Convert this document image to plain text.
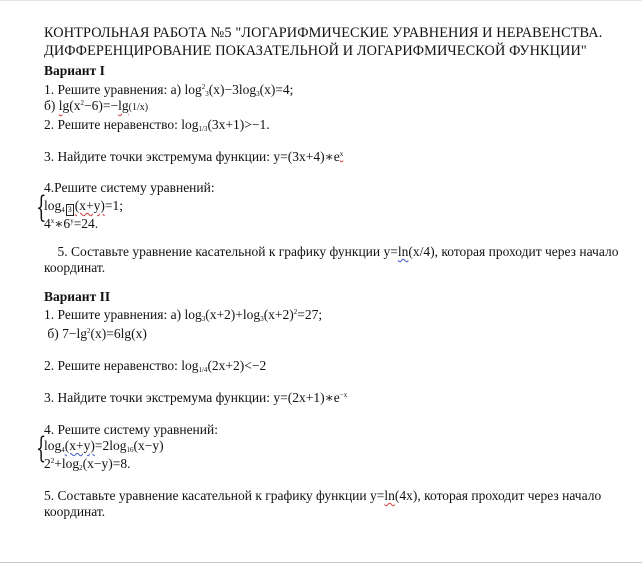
КОНТРОЛЬНАЯ РАБОТА №5 "ЛОГАРИФМИЧЕСКИЕ УРАВНЕНИЯ И НЕРАВЕНСТВА.
ДИФФЕРЕНЦИРОВАНИЕ ПОКАЗАТЕЛЬНОЙ И ЛОГАРИФМИЧЕСКОЙ ФУНКЦИИ"
Вариант I
1. Решите уравнения: а) $\log^2_3(x)-3\log_3(x)=4$;
б) $\lg(x^2-6)=-\lg(1/x)$
2. Решите неравенство: $\log_{1/3}(3x+1)>-1$.
3. Найдите точки экстремума функции: $y=(3x+4)∗e^x$
4.Решите систему уравнений:
{
$\log_4 3$ (x+y)=1;
$4^x∗6^y=24$.
5. Составьте уравнение касательной к графику функции y=ln(x/4), которая проходит через начало
координат.
Вариант II
1. Решите уравнения: а) $\log_3(x+2)+\log_3(x+2)^2=27$;
б) $7-\lg^2(x)=6\lg(x)$
2. Решите неравенство: $\log_{1/4}(2x+2)<-2$
3. Найдите точки экстремума функции: $y=(2x+1)∗e^{-x}$
4. Решите систему уравнений:
{
$\log_4(x+y)=2\log_{16}(x-y)$
$2^2+\log_2(x-y)=8$.
5. Составьте уравнение касательной к графику функции y=ln(4x), которая проходит через начало
координат.
